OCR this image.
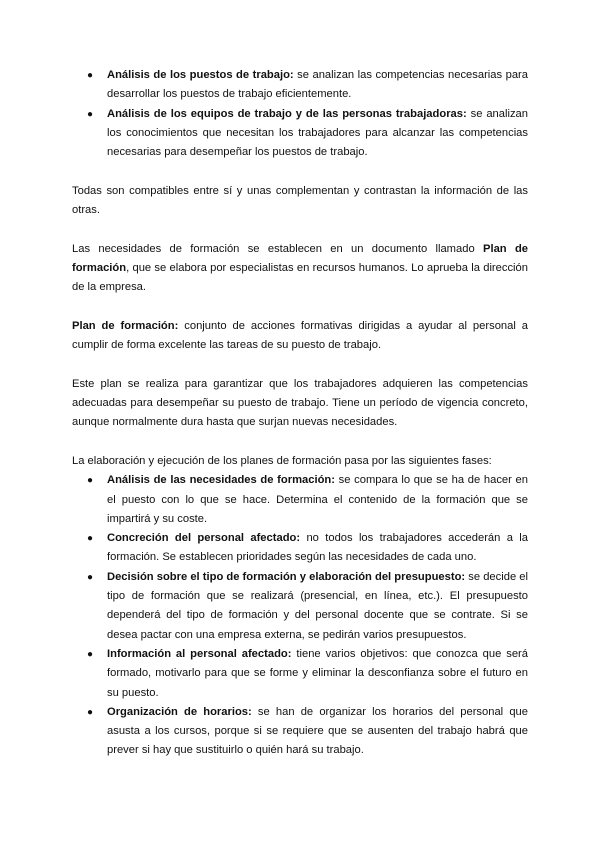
● Análisis de los puestos de trabajo: se analizan las competencias necesarias para desarrollar los puestos de trabajo eficientemente.
● Análisis de los equipos de trabajo y de las personas trabajadoras: se analizan los conocimientos que necesitan los trabajadores para alcanzar las competencias necesarias para desempeñar los puestos de trabajo.

Todas son compatibles entre sí y unas complementan y contrastan la información de las otras.

Las necesidades de formación se establecen en un documento llamado Plan de formación, que se elabora por especialistas en recursos humanos. Lo aprueba la dirección de la empresa.

Plan de formación: conjunto de acciones formativas dirigidas a ayudar al personal a cumplir de forma excelente las tareas de su puesto de trabajo.

Este plan se realiza para garantizar que los trabajadores adquieren las competencias adecuadas para desempeñar su puesto de trabajo. Tiene un período de vigencia concreto, aunque normalmente dura hasta que surjan nuevas necesidades.

La elaboración y ejecución de los planes de formación pasa por las siguientes fases:

● Análisis de las necesidades de formación: se compara lo que se ha de hacer en el puesto con lo que se hace. Determina el contenido de la formación que se impartirá y su coste.
● Concreción del personal afectado: no todos los trabajadores accederán a la formación. Se establecen prioridades según las necesidades de cada uno.
● Decisión sobre el tipo de formación y elaboración del presupuesto: se decide el tipo de formación que se realizará (presencial, en línea, etc.). El presupuesto dependerá del tipo de formación y del personal docente que se contrate. Si se desea pactar con una empresa externa, se pedirán varios presupuestos.
● Información al personal afectado: tiene varios objetivos: que conozca que será formado, motivarlo para que se forme y eliminar la desconfianza sobre el futuro en su puesto.
● Organización de horarios: se han de organizar los horarios del personal que asusta a los cursos, porque si se requiere que se ausenten del trabajo habrá que prever si hay que sustituirlo o quién hará su trabajo.
